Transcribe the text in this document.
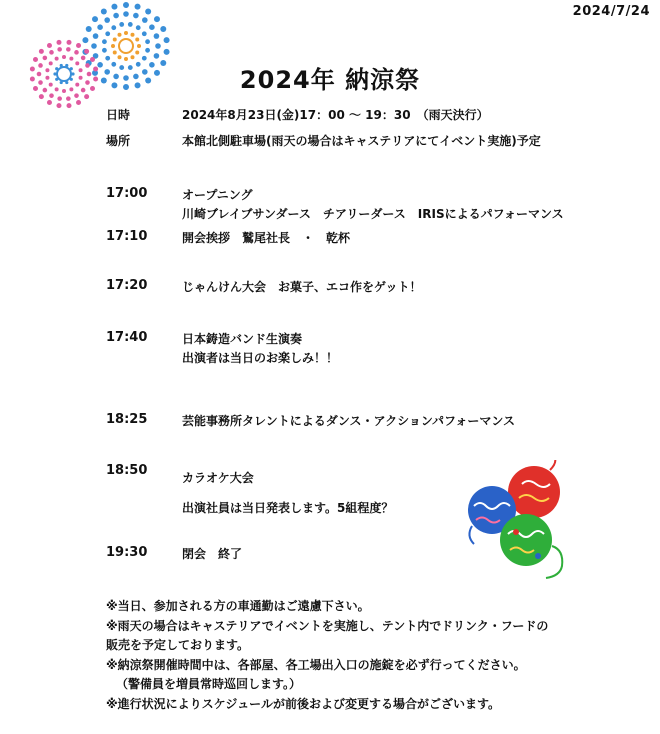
2024/7/24
2024年 納涼祭
日時	2024年8月23日(金)17：00 ～ 19：30　（雨天決行）
場所	本館北側駐車場(雨天の場合はキャステリアにてイベント実施)予定
17:00	オープニング
川崎ブレイブサンダース　チアリーダース　IRISによるパフォーマンス
17:10	開会挨拶　鷲尾社長　・　乾杯
17:20	じゃんけん大会　お菓子、エコ作をゲット！
17:40	日本鋳造バンド生演奏
出演者は当日のお楽しみ！！
18:25	芸能事務所タレントによるダンス・アクションパフォーマンス
18:50	カラオケ大会
出演社員は当日発表します。5組程度？
19:30	閉会　終了
※当日、参加される方の車通勤はご遠慮下さい。
※雨天の場合はキャステリアでイベントを実施し、テント内でドリンク・フードの
販売を予定しております。
※納涼祭開催時間中は、各部屋、各工場出入口の施錠を必ず行ってください。
（警備員を増員常時巡回します。）
※進行状況によりスケジュールが前後および変更する場合がございます。
